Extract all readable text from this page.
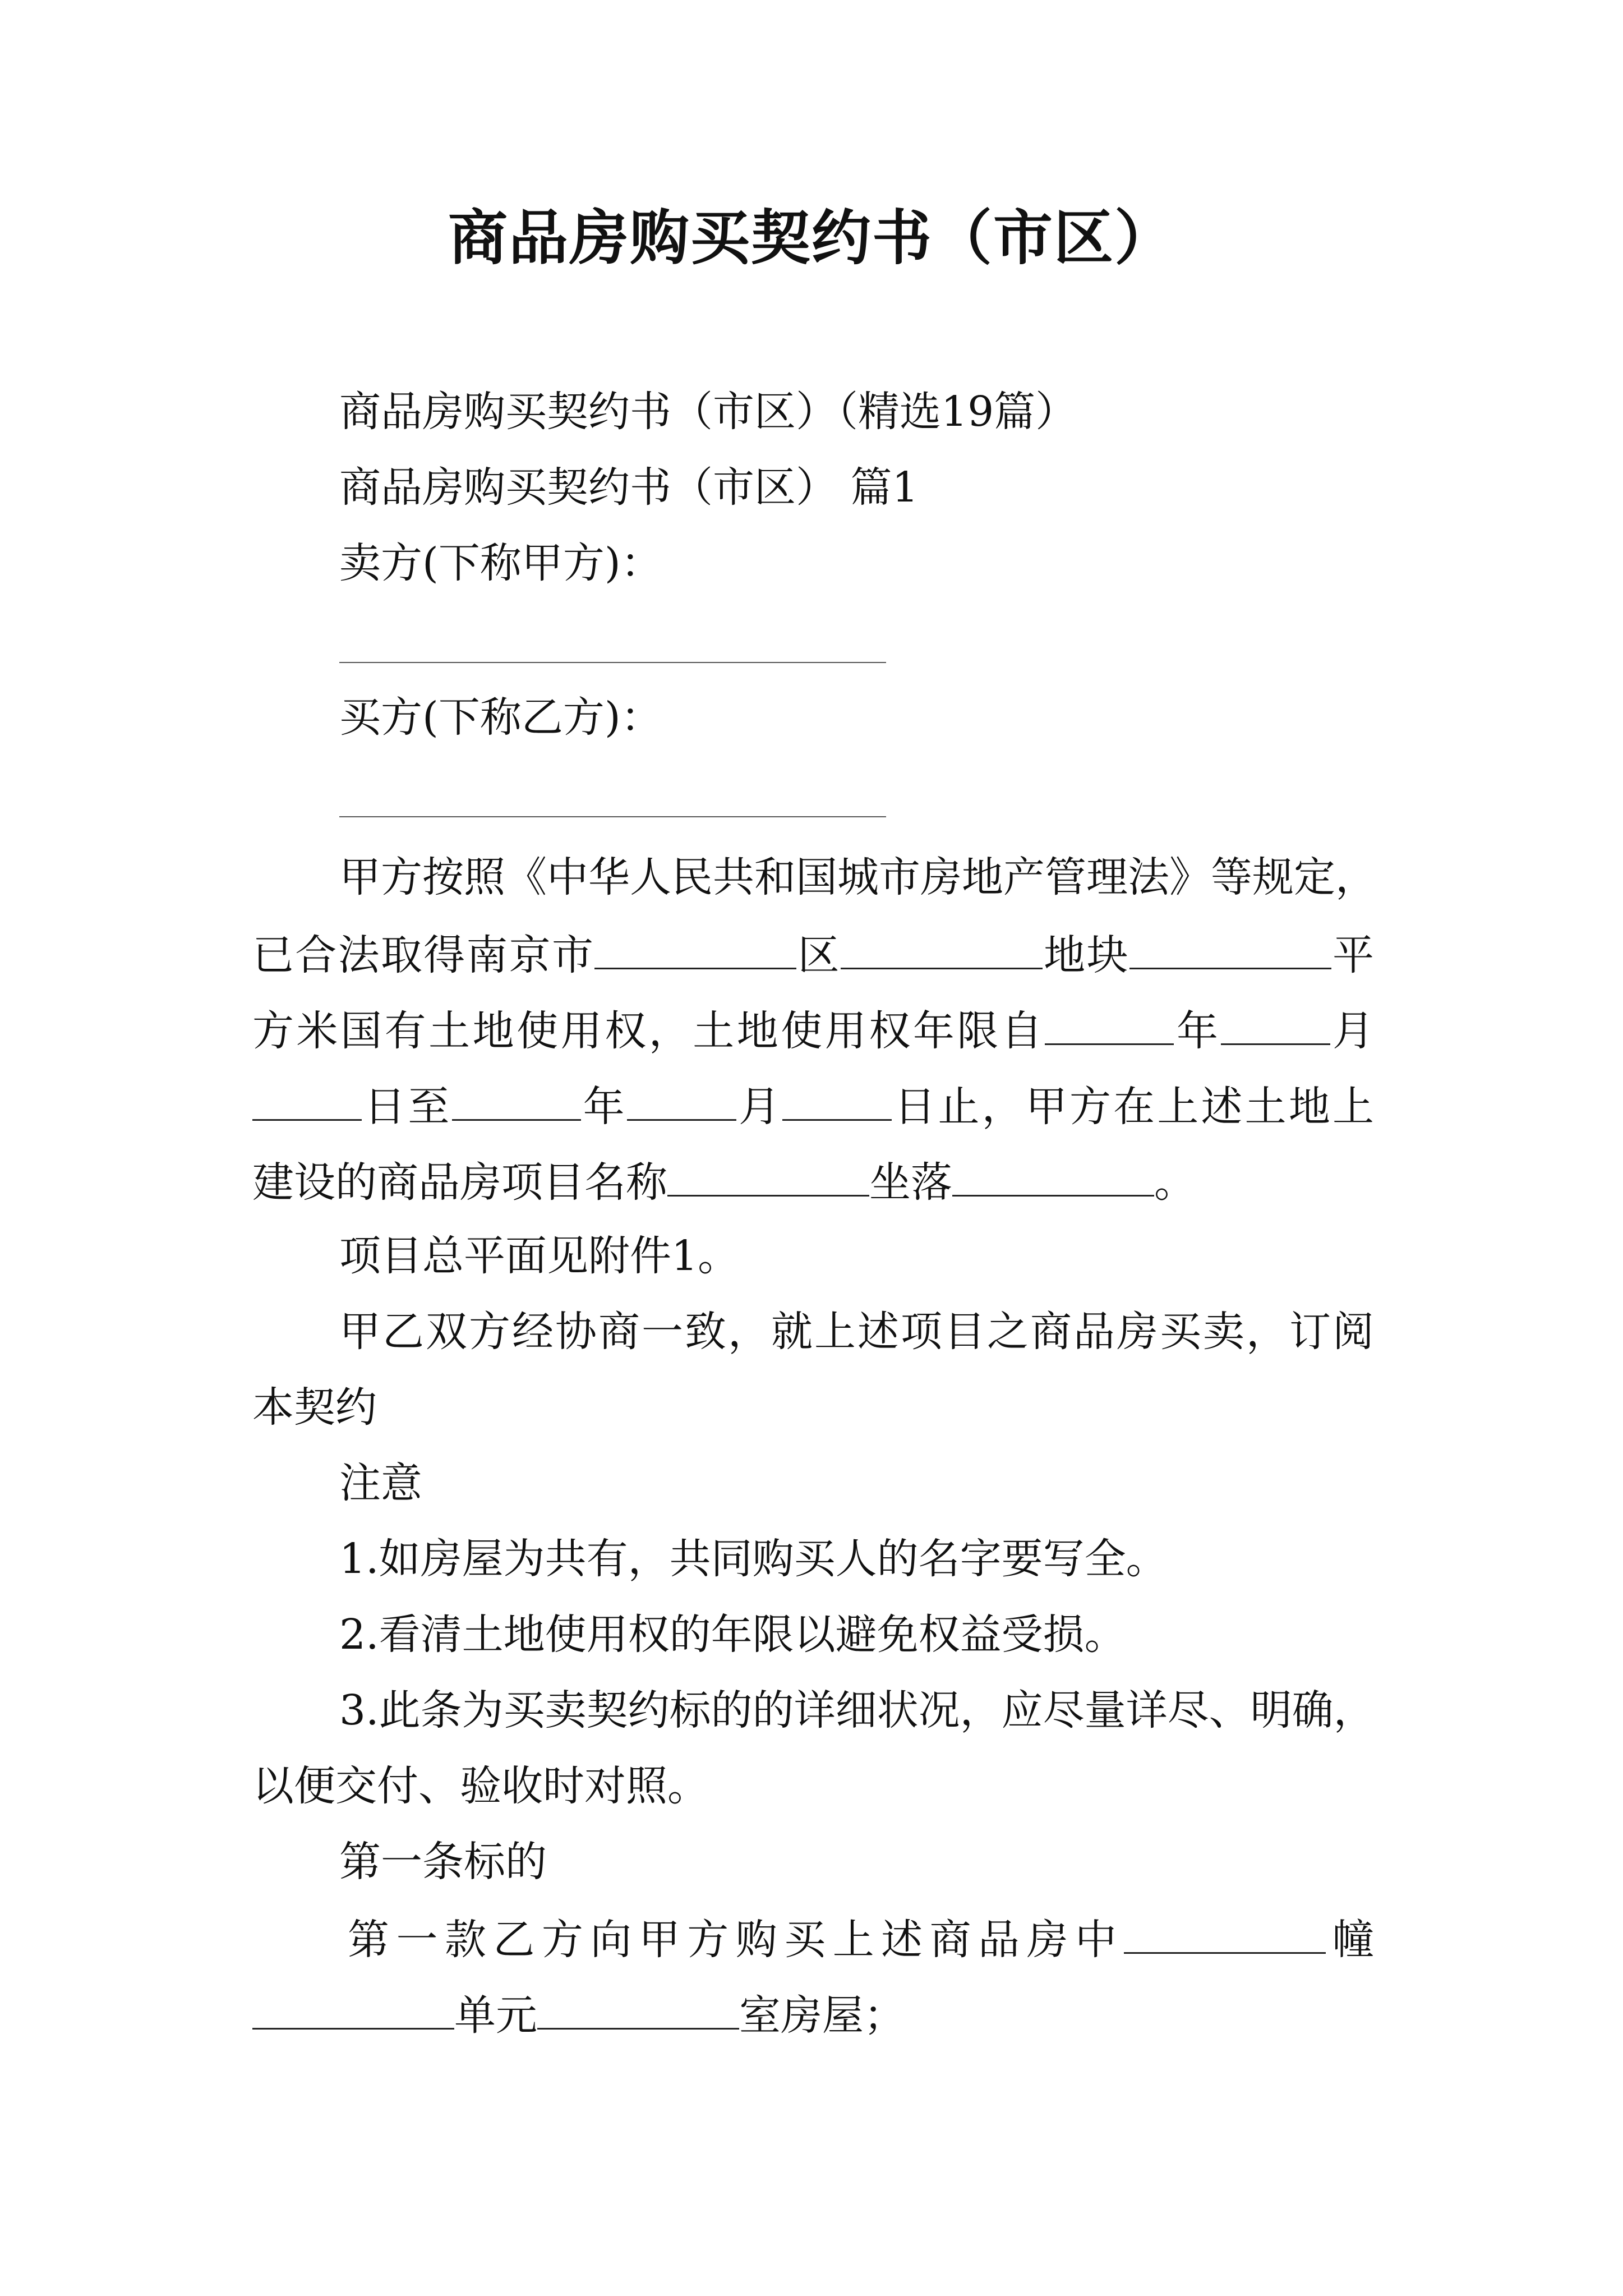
商品房购买契约书（市区）
商品房购买契约书（市区）（精选19篇）
商品房购买契约书（市区） 篇1
卖方(下称甲方)：
买方(下称乙方)：
甲方按照《中华人民共和国城市房地产管理法》等规定，
已合法取得南京市	区	地块	平
方米国有土地使用权，土地使用权年限自	年	月
日至	年	月	日止，甲方在上述土地上
建设的商品房项目名称	坐落	。
项目总平面见附件1。
甲乙双方经协商一致，就上述项目之商品房买卖，订阅
本契约
注意
1.如房屋为共有，共同购买人的名字要写全。
2.看清土地使用权的年限以避免权益受损。
3.此条为买卖契约标的的详细状况，应尽量详尽、明确，
以便交付、验收时对照。
第一条标的
第一款乙方向甲方购买上述商品房中	幢
单元	室房屋；
